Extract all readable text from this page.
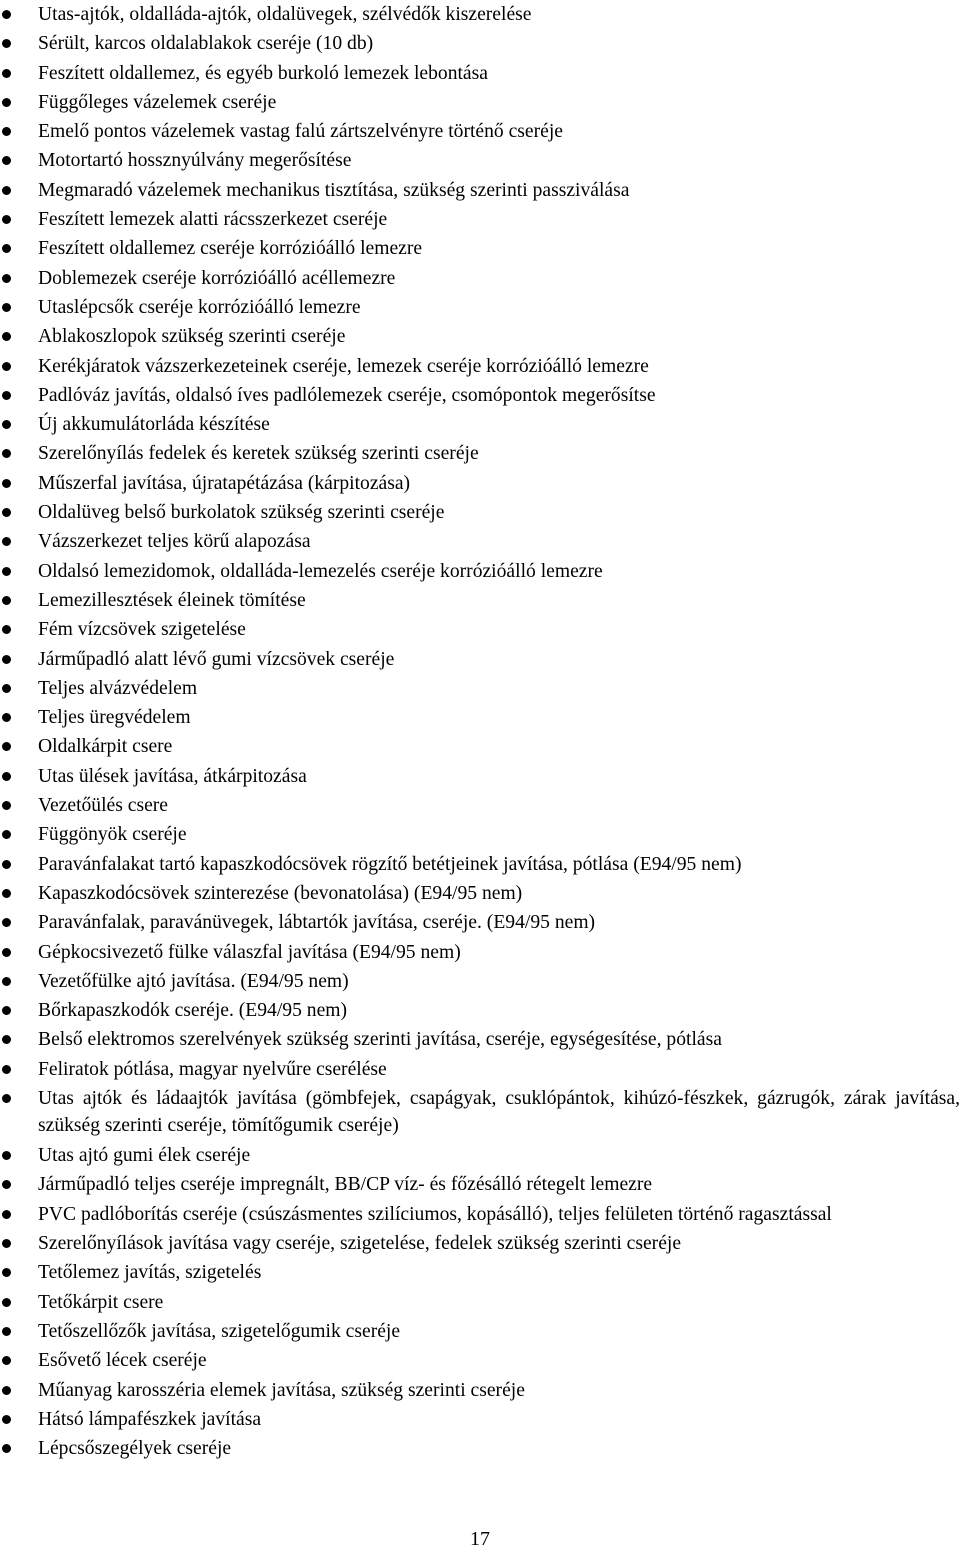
Utas-ajtók, oldalláda-ajtók, oldalüvegek, szélvédők kiszerelése
Sérült, karcos oldalablakok cseréje (10 db)
Feszített oldallemez, és egyéb burkoló lemezek lebontása
Függőleges vázelemek cseréje
Emelő pontos vázelemek vastag falú zártszelvényre történő cseréje
Motortartó hossznyúlvány megerősítése
Megmaradó vázelemek mechanikus tisztítása, szükség szerinti passziválása
Feszített lemezek alatti rácsszerkezet cseréje
Feszített oldallemez cseréje korrózióálló lemezre
Doblemezek cseréje korrózióálló acéllemezre
Utaslépcsők cseréje korrózióálló lemezre
Ablakoszlopok szükség szerinti cseréje
Kerékjáratok vázszerkezeteinek cseréje, lemezek cseréje korrózióálló lemezre
Padlóváz javítás, oldalsó íves padlólemezek cseréje, csomópontok megerősítse
Új akkumulátorláda készítése
Szerelőnyílás fedelek és keretek szükség szerinti cseréje
Műszerfal javítása, újratapétázása (kárpitozása)
Oldalüveg belső burkolatok szükség szerinti cseréje
Vázszerkezet teljes körű alapozása
Oldalsó lemezidomok, oldalláda-lemezelés cseréje korrózióálló lemezre
Lemezillesztések éleinek tömítése
Fém vízcsövek szigetelése
Járműpadló alatt lévő gumi vízcsövek cseréje
Teljes alvázvédelem
Teljes üregvédelem
Oldalkárpit csere
Utas ülések javítása, átkárpitozása
Vezetőülés csere
Függönyök cseréje
Paravánfalakat tartó kapaszkodócsövek rögzítő betétjeinek javítása, pótlása (E94/95 nem)
Kapaszkodócsövek szinterezése (bevonatolása) (E94/95 nem)
Paravánfalak, paravánüvegek, lábtartók javítása, cseréje. (E94/95 nem)
Gépkocsivezető fülke válaszfal javítása (E94/95 nem)
Vezetőfülke ajtó javítása. (E94/95 nem)
Bőrkapaszkodók cseréje. (E94/95 nem)
Belső elektromos szerelvények szükség szerinti javítása, cseréje, egységesítése, pótlása
Feliratok pótlása, magyar nyelvűre cserélése
Utas ajtók és ládaajtók javítása (gömbfejek, csapágyak, csuklópántok, kihúzó-fészkek, gázrugók, zárak javítása, szükség szerinti cseréje, tömítőgumik cseréje)
Utas ajtó gumi élek cseréje
Járműpadló teljes cseréje impregnált, BB/CP víz- és főzésálló rétegelt lemezre
PVC padlóborítás cseréje (csúszásmentes szilíciumos, kopásálló), teljes felületen történő ragasztással
Szerelőnyílások javítása vagy cseréje, szigetelése, fedelek szükség szerinti cseréje
Tetőlemez javítás, szigetelés
Tetőkárpit csere
Tetőszellőzők javítása, szigetelőgumik cseréje
Esővető lécek cseréje
Műanyag karosszéria elemek javítása, szükség szerinti cseréje
Hátsó lámpafészkek javítása
Lépcsőszegélyek cseréje
17
